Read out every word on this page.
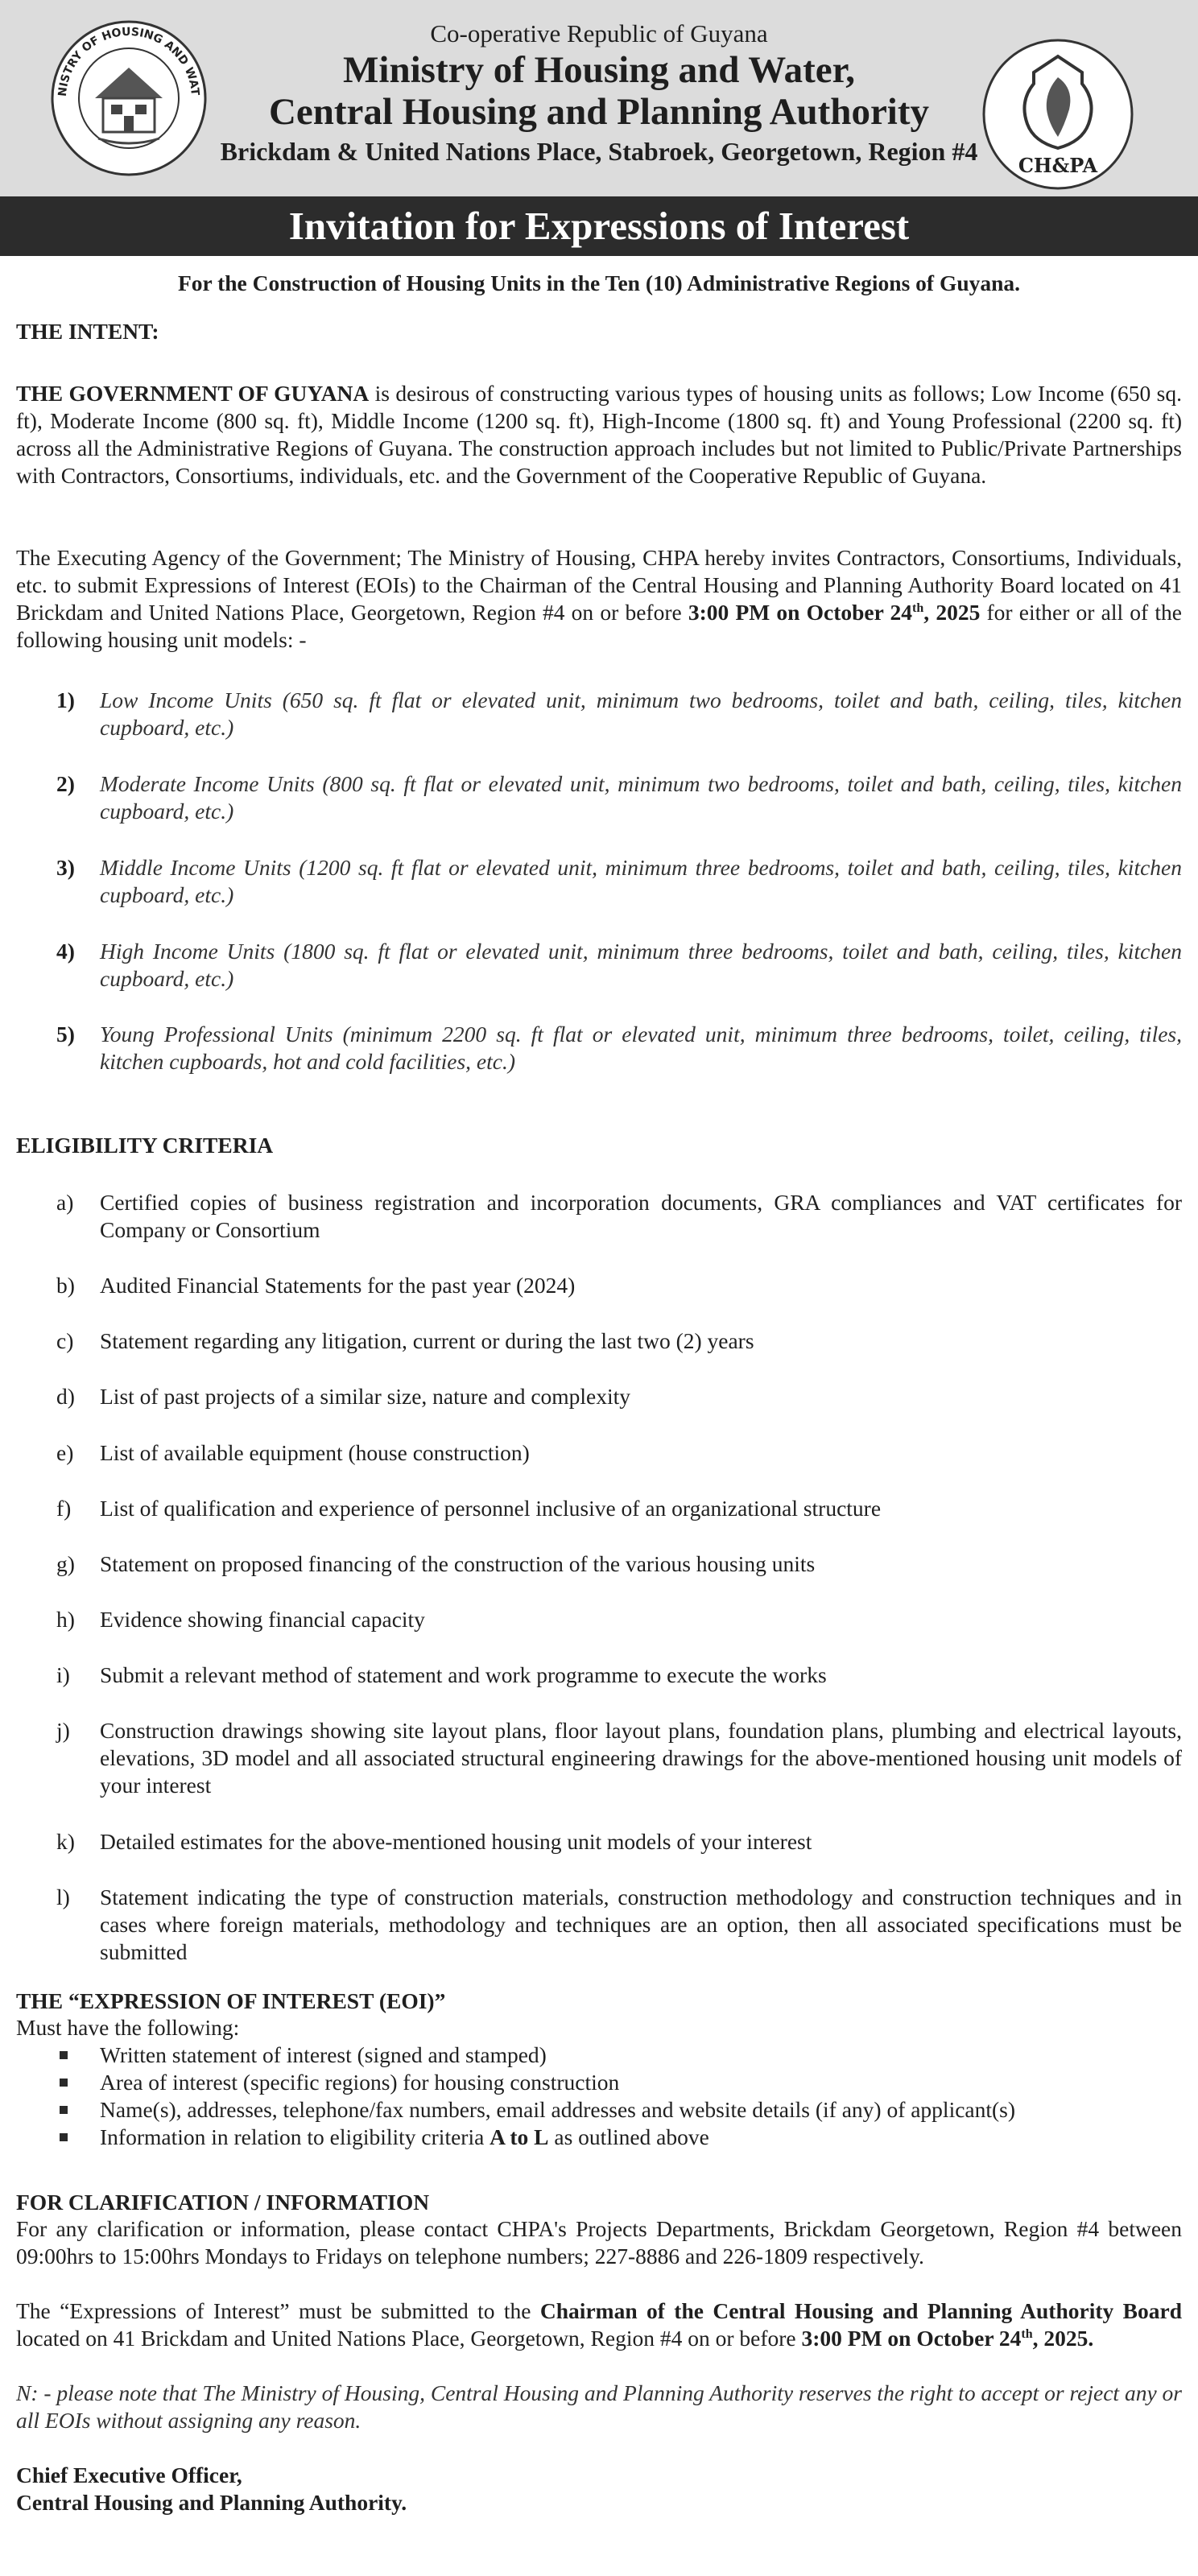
NISTRY OF HOUSING AND WAT
Co-operative Republic of Guyana
Ministry of Housing and Water,
Central Housing and Planning Authority
Brickdam & United Nations Place, Stabroek, Georgetown, Region #4	CH&PA
Invitation for Expressions of Interest
For the Construction of Housing Units in the Ten (10) Administrative Regions of Guyana.
THE INTENT:
THE GOVERNMENT OF GUYANA is desirous of constructing various types of housing units as follows; Low Income (650 sq. ft), Moderate Income (800 sq. ft), Middle Income (1200 sq. ft), High-Income (1800 sq. ft) and Young Professional (2200 sq. ft) across all the Administrative Regions of Guyana. The construction approach includes but not limited to Public/Private Partnerships with Contractors, Consortiums, individuals, etc. and the Government of the Cooperative Republic of Guyana.
The Executing Agency of the Government; The Ministry of Housing, CHPA hereby invites Contractors, Consortiums, Individuals, etc. to submit Expressions of Interest (EOIs) to the Chairman of the Central Housing and Planning Authority Board located on 41 Brickdam and United Nations Place, Georgetown, Region #4 on or before 3:00 PM on October 24th, 2025 for either or all of the following housing unit models: -
1) Low Income Units (650 sq. ft flat or elevated unit, minimum two bedrooms, toilet and bath, ceiling, tiles, kitchen cupboard, etc.)
2) Moderate Income Units (800 sq. ft flat or elevated unit, minimum two bedrooms, toilet and bath, ceiling, tiles, kitchen cupboard, etc.)
3) Middle Income Units (1200 sq. ft flat or elevated unit, minimum three bedrooms, toilet and bath, ceiling, tiles, kitchen cupboard, etc.)
4) High Income Units (1800 sq. ft flat or elevated unit, minimum three bedrooms, toilet and bath, ceiling, tiles, kitchen cupboard, etc.)
5) Young Professional Units (minimum 2200 sq. ft flat or elevated unit, minimum three bedrooms, toilet, ceiling, tiles, kitchen cupboards, hot and cold facilities, etc.)
ELIGIBILITY CRITERIA
a) Certified copies of business registration and incorporation documents, GRA compliances and VAT certificates for Company or Consortium
b) Audited Financial Statements for the past year (2024)
c) Statement regarding any litigation, current or during the last two (2) years
d) List of past projects of a similar size, nature and complexity
e) List of available equipment (house construction)
f) List of qualification and experience of personnel inclusive of an organizational structure
g) Statement on proposed financing of the construction of the various housing units
h) Evidence showing financial capacity
i) Submit a relevant method of statement and work programme to execute the works
j) Construction drawings showing site layout plans, floor layout plans, foundation plans, plumbing and electrical layouts, elevations, 3D model and all associated structural engineering drawings for the above-mentioned housing unit models of your interest
k) Detailed estimates for the above-mentioned housing unit models of your interest
l) Statement indicating the type of construction materials, construction methodology and construction techniques and in cases where foreign materials, methodology and techniques are an option, then all associated specifications must be submitted
THE “EXPRESSION OF INTEREST (EOI)”
Must have the following:
Written statement of interest (signed and stamped)
Area of interest (specific regions) for housing construction
Name(s), addresses, telephone/fax numbers, email addresses and website details (if any) of applicant(s)
Information in relation to eligibility criteria A to L as outlined above
FOR CLARIFICATION / INFORMATION
For any clarification or information, please contact CHPA's Projects Departments, Brickdam Georgetown, Region #4 between 09:00hrs to 15:00hrs Mondays to Fridays on telephone numbers; 227-8886 and 226-1809 respectively.
The “Expressions of Interest” must be submitted to the Chairman of the Central Housing and Planning Authority Board located on 41 Brickdam and United Nations Place, Georgetown, Region #4 on or before 3:00 PM on October 24th, 2025.
N: - please note that The Ministry of Housing, Central Housing and Planning Authority reserves the right to accept or reject any or all EOIs without assigning any reason.
Chief Executive Officer,
Central Housing and Planning Authority.
